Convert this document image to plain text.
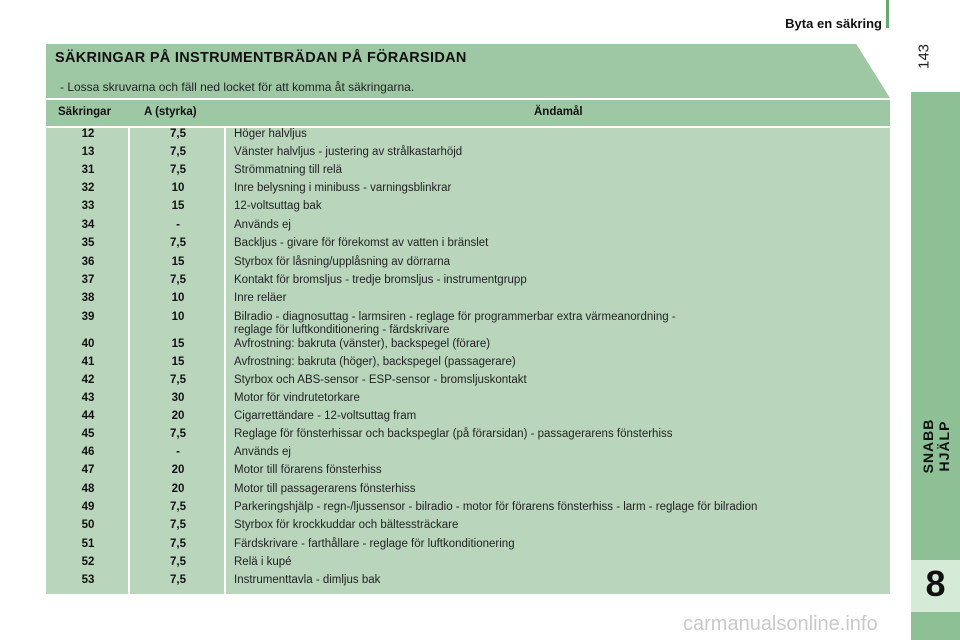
Byta en säkring
143
SNABB HJÄLP
8
SÄKRINGAR PÅ INSTRUMENTBRÄDAN PÅ FÖRARSIDAN
- Lossa skruvarna och fäll ned locket för att komma åt säkringarna.
Säkringar	A (styrka)	Ändamål
12	7,5	Höger halvljus
13	7,5	Vänster halvljus - justering av strålkastarhöjd
31	7,5	Strömmatning till relä
32	10	Inre belysning i minibuss - varningsblinkrar
33	15	12-voltsuttag bak
34	-	Används ej
35	7,5	Backljus - givare för förekomst av vatten i bränslet
36	15	Styrbox för låsning/upplåsning av dörrarna
37	7,5	Kontakt för bromsljus - tredje bromsljus - instrumentgrupp
38	10	Inre reläer
39	10	Bilradio - diagnosuttag - larmsiren - reglage för programmerbar extra värmeanordning -
reglage för luftkonditionering - färdskrivare
40	15	Avfrostning: bakruta (vänster), backspegel (förare)
41	15	Avfrostning: bakruta (höger), backspegel (passagerare)
42	7,5	Styrbox och ABS-sensor - ESP-sensor - bromsljuskontakt
43	30	Motor för vindrutetorkare
44	20	Cigarrettändare - 12-voltsuttag fram
45	7,5	Reglage för fönsterhissar och backspeglar (på förarsidan) - passagerarens fönsterhiss
46	-	Används ej
47	20	Motor till förarens fönsterhiss
48	20	Motor till passagerarens fönsterhiss
49	7,5	Parkeringshjälp - regn-/ljussensor - bilradio - motor för förarens fönsterhiss - larm - reglage för bilradion
50	7,5	Styrbox för krockkuddar och bältessträckare
51	7,5	Färdskrivare - farthållare - reglage för luftkonditionering
52	7,5	Relä i kupé
53	7,5	Instrumenttavla - dimljus bak
carmanualsonline.info
